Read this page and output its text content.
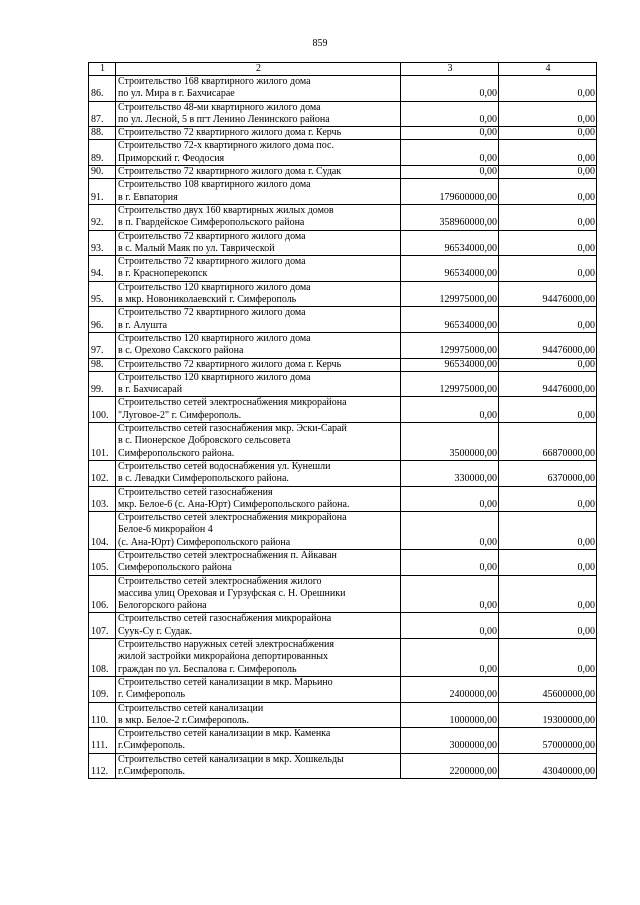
859
1	2	3	4
86.	Строительство 168 квартирного жилого дома
по ул. Мира в г. Бахчисарае	0,00	0,00
87.	Строительство 48-ми квартирного жилого дома
по ул. Лесной, 5 в пгт Ленино Ленинского района	0,00	0,00
88.	Строительство 72 квартирного жилого дома г. Керчь	0,00	0,00
89.	Строительство 72-х квартирного жилого дома пос.
Приморский г. Феодосия	0,00	0,00
90.	Строительство 72 квартирного жилого дома г. Судак	0,00	0,00
91.	Строительство 108 квартирного жилого дома
в г. Евпатория	179600000,00	0,00
92.	Строительство двух 160 квартирных жилых домов
в п. Гвардейское Симферопольского района	358960000,00	0,00
93.	Строительство 72 квартирного жилого дома
в с. Малый Маяк по ул. Таврической	96534000,00	0,00
94.	Строительство 72 квартирного жилого дома
в г. Красноперекопск	96534000,00	0,00
95.	Строительство 120 квартирного жилого дома
в мкр. Новониколаевский г. Симферополь	129975000,00	94476000,00
96.	Строительство 72 квартирного жилого дома
в г. Алушта	96534000,00	0,00
97.	Строительство 120 квартирного жилого дома
в с. Орехово Сакского района	129975000,00	94476000,00
98.	Строительство 72 квартирного жилого дома г. Керчь	96534000,00	0,00
99.	Строительство 120 квартирного жилого дома
в г. Бахчисарай	129975000,00	94476000,00
100.	Строительство сетей электроснабжения микрорайона
"Луговое-2" г. Симферополь.	0,00	0,00
101.	Строительство сетей газоснабжения мкр. Эски-Сарай
в с. Пионерское Добровского сельсовета
Симферопольского района.	3500000,00	66870000,00
102.	Строительство сетей водоснабжения ул. Кунешли
в с. Левадки Симферопольского района.	330000,00	6370000,00
103.	Строительство сетей газоснабжения
мкр. Белое-6 (с. Ана-Юрт) Симферопольского района.	0,00	0,00
104.	Строительство сетей электроснабжения микрорайона
Белое-6 микрорайон 4
(с. Ана-Юрт) Симферопольского района	0,00	0,00
105.	Строительство сетей электроснабжения п. Айкаван
Симферопольского района	0,00	0,00
106.	Строительство сетей электроснабжения жилого
массива улиц Ореховая и Гурзуфская с. Н. Орешники
Белогорского района	0,00	0,00
107.	Строительство сетей газоснабжения микрорайона
Суук-Су г. Судак.	0,00	0,00
108.	Строительство наружных сетей электроснабжения
жилой застройки микрорайона депортированных
граждан по ул. Беспалова г. Симферополь	0,00	0,00
109.	Строительство сетей канализации в мкр. Марьино
г. Симферополь	2400000,00	45600000,00
110.	Строительство сетей канализации
в мкр. Белое-2 г.Симферополь.	1000000,00	19300000,00
111.	Строительство сетей канализации в мкр. Каменка
г.Симферополь.	3000000,00	57000000,00
112.	Строительство сетей канализации в мкр. Хошкельды
г.Симферополь.	2200000,00	43040000,00
